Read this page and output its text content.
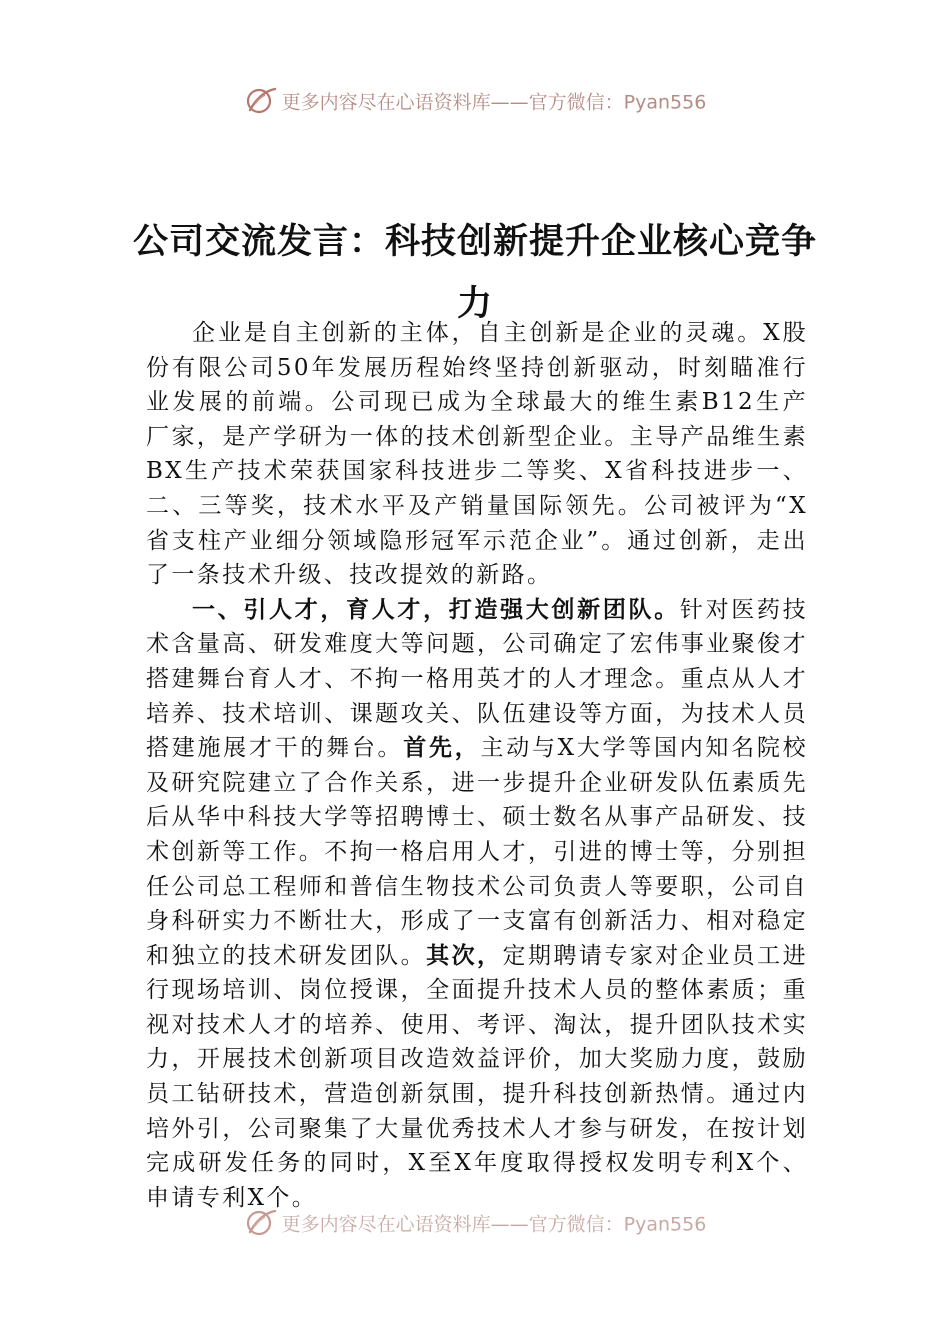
更多内容尽在心语资料库——官方微信：Pyan556
公司交流发言：科技创新提升企业核心竞争力

企业是自主创新的主体，自主创新是企业的灵魂。X股份有限公司50年发展历程始终坚持创新驱动，时刻瞄准行业发展的前端。公司现已成为全球最大的维生素B12生产厂家，是产学研为一体的技术创新型企业。主导产品维生素BX生产技术荣获国家科技进步二等奖、X省科技进步一、二、三等奖，技术水平及产销量国际领先。公司被评为“X省支柱产业细分领域隐形冠军示范企业”。通过创新，走出了一条技术升级、技改提效的新路。

一、引人才，育人才，打造强大创新团队。针对医药技术含量高、研发难度大等问题，公司确定了宏伟事业聚俊才搭建舞台育人才、不拘一格用英才的人才理念。重点从人才培养、技术培训、课题攻关、队伍建设等方面，为技术人员搭建施展才干的舞台。首先，主动与X大学等国内知名院校及研究院建立了合作关系，进一步提升企业研发队伍素质先后从华中科技大学等招聘博士、硕士数名从事产品研发、技术创新等工作。不拘一格启用人才，引进的博士等，分别担任公司总工程师和普信生物技术公司负责人等要职，公司自身科研实力不断壮大，形成了一支富有创新活力、相对稳定和独立的技术研发团队。其次，定期聘请专家对企业员工进行现场培训、岗位授课，全面提升技术人员的整体素质；重视对技术人才的培养、使用、考评、淘汰，提升团队技术实力，开展技术创新项目改造效益评价，加大奖励力度，鼓励员工钻研技术，营造创新氛围，提升科技创新热情。通过内培外引，公司聚集了大量优秀技术人才参与研发，在按计划完成研发任务的同时，X至X年度取得授权发明专利X个、申请专利X个。

更多内容尽在心语资料库——官方微信：Pyan556
